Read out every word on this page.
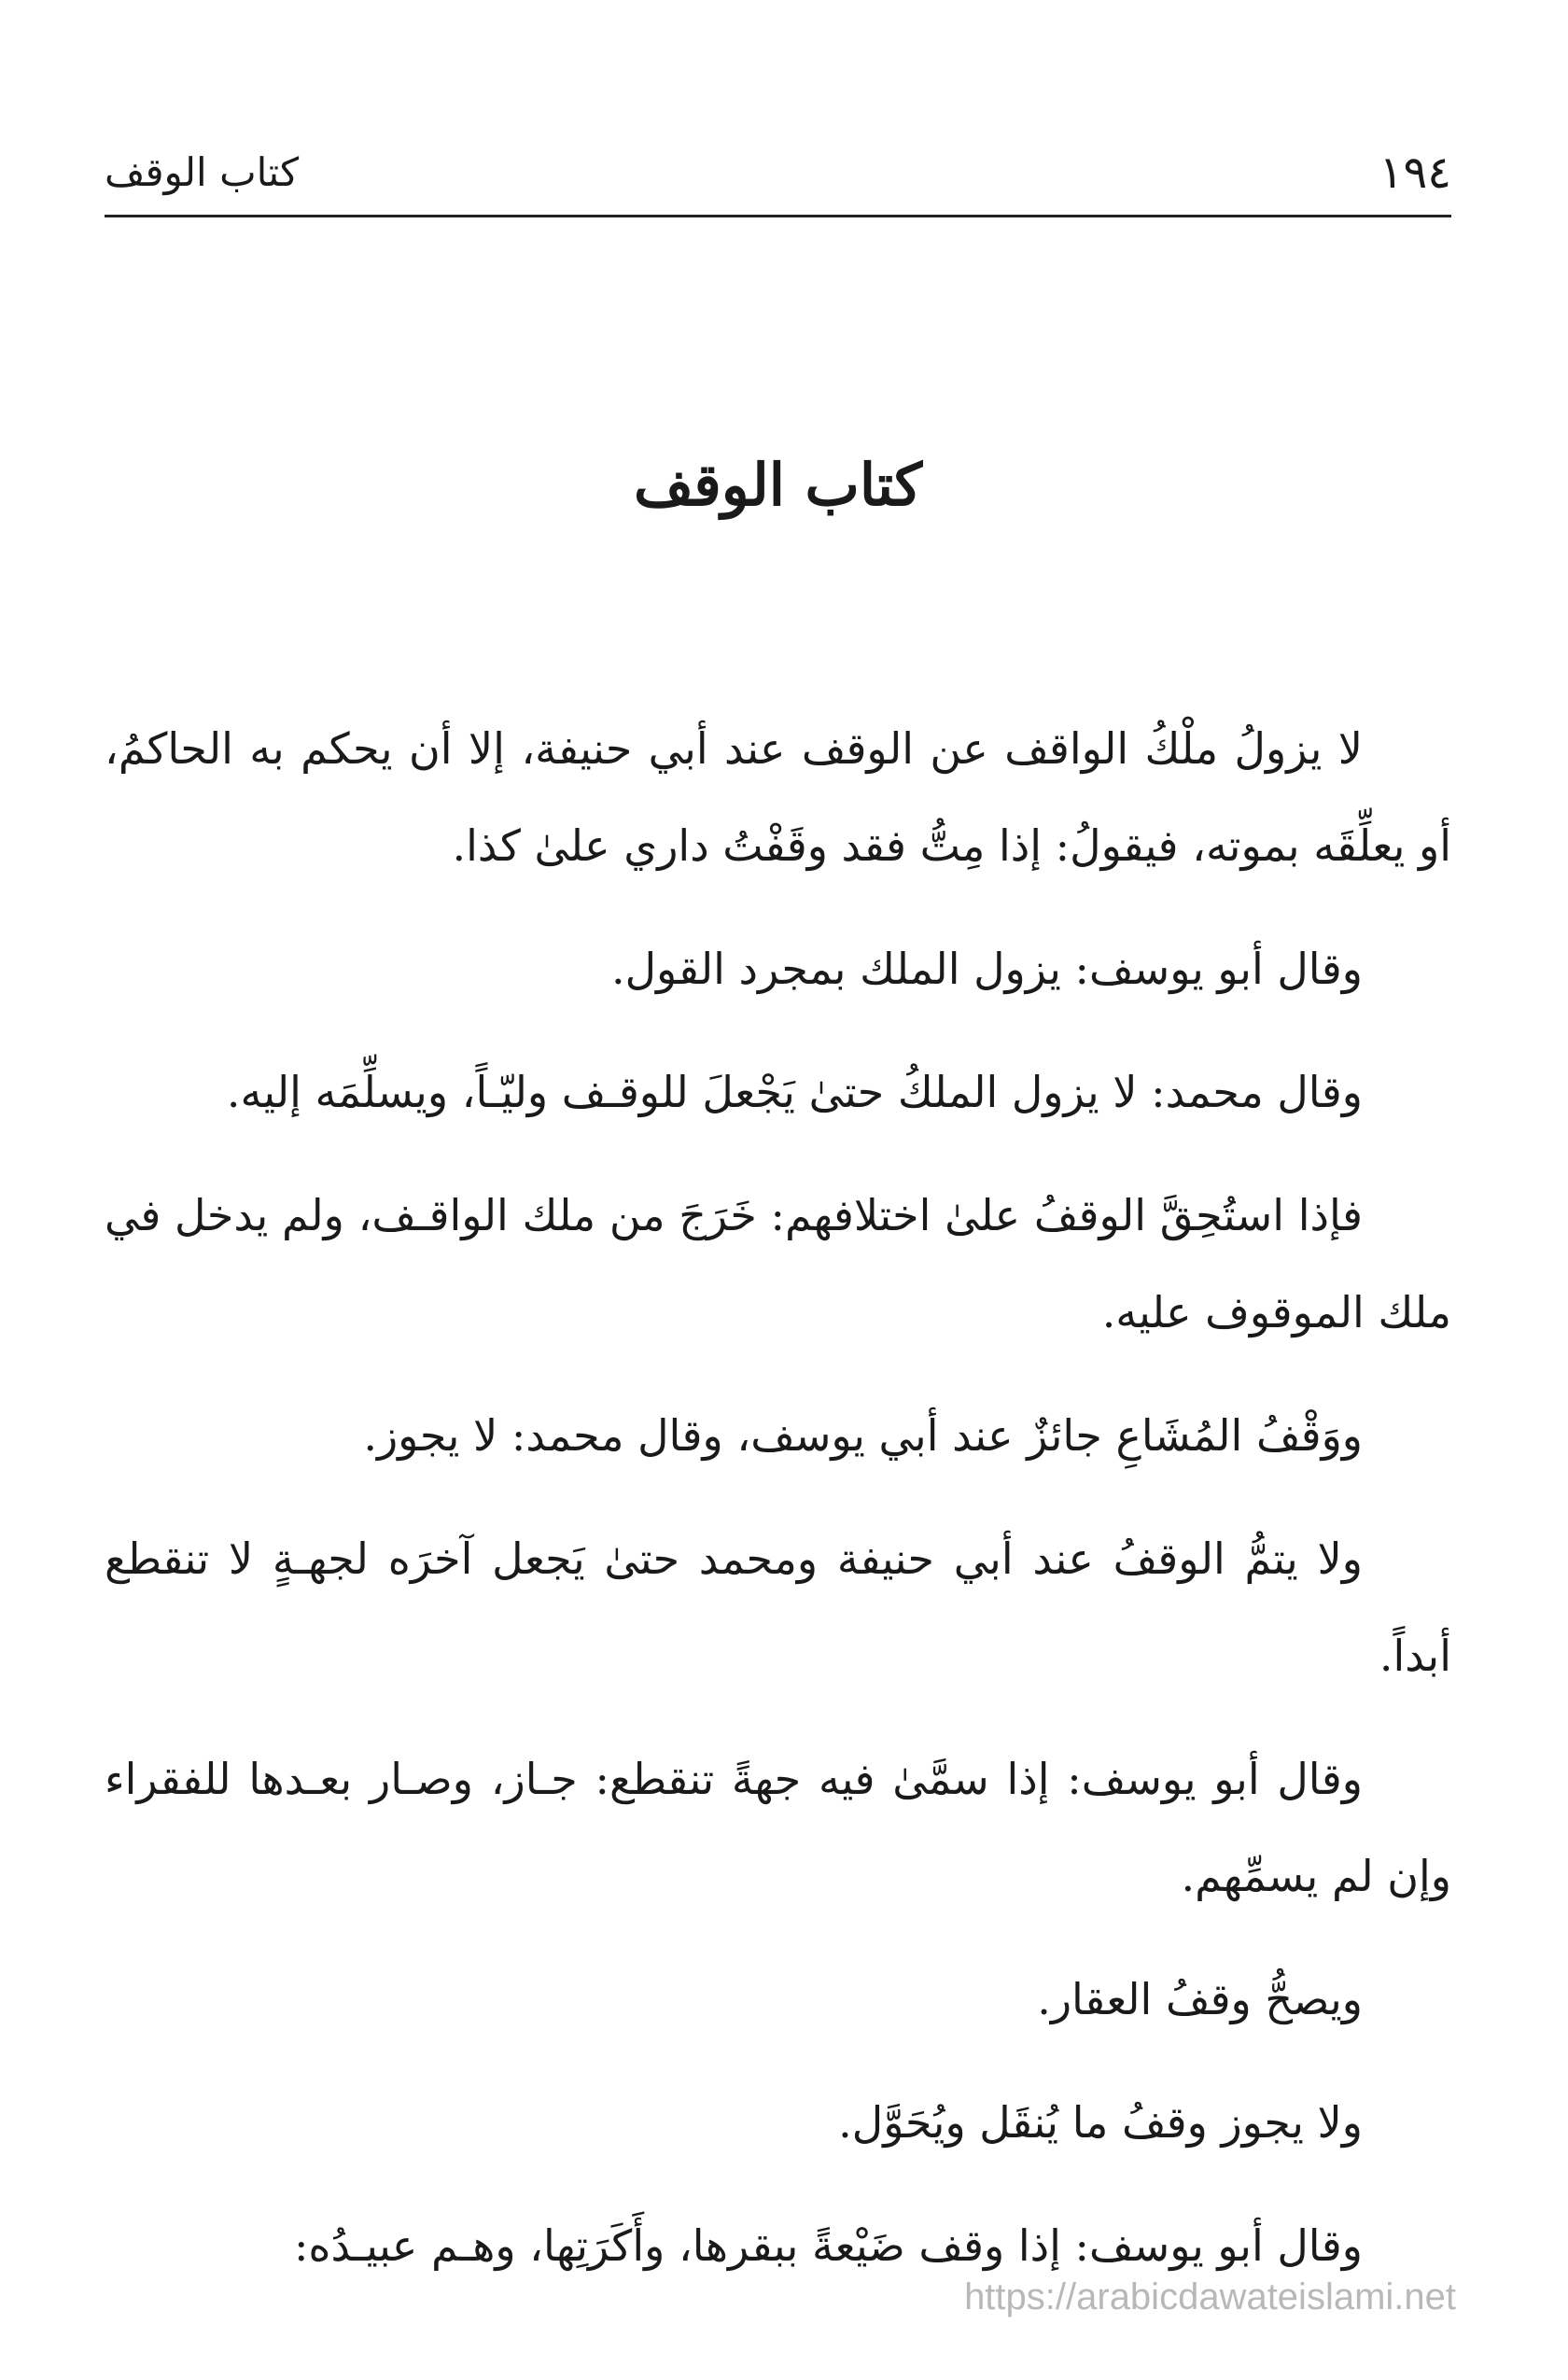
١٩٤
كتاب الوقف
كتاب الوقف

لا يزولُ ملْكُ الواقف عن الوقف عند أبي حنيفة، إلا أن يحكم به الحاكمُ، أو يعلِّقَه بموته، فيقولُ: إذا مِتُّ فقد وقَفْتُ داري علىٰ كذا.

وقال أبو يوسف: يزول الملك بمجرد القول.

وقال محمد: لا يزول الملكُ حتىٰ يَجْعلَ للوقـف وليّـاً، ويسلِّمَه إليه.

فإذا استُحِقَّ الوقفُ علىٰ اختلافهم: خَرَجَ من ملك الواقـف، ولم يدخل في ملك الموقوف عليه.

ووَقْفُ المُشَاعِ جائزٌ عند أبي يوسف، وقال محمد: لا يجوز.

ولا يتمُّ الوقفُ عند أبي حنيفة ومحمد حتىٰ يَجعل آخرَه لجهـةٍ لا تنقطع أبداً.

وقال أبو يوسف: إذا سمَّىٰ فيه جهةً تنقطع: جـاز، وصـار بعـدها للفقراء وإن لم يسمِّهم.

ويصحُّ وقفُ العقار.

ولا يجوز وقفُ ما يُنقَل ويُحَوَّل.

وقال أبو يوسف: إذا وقف ضَيْعةً ببقرها، وأَكَرَتِها، وهـم عبيـدُه:

https://arabicdawateislami.net
